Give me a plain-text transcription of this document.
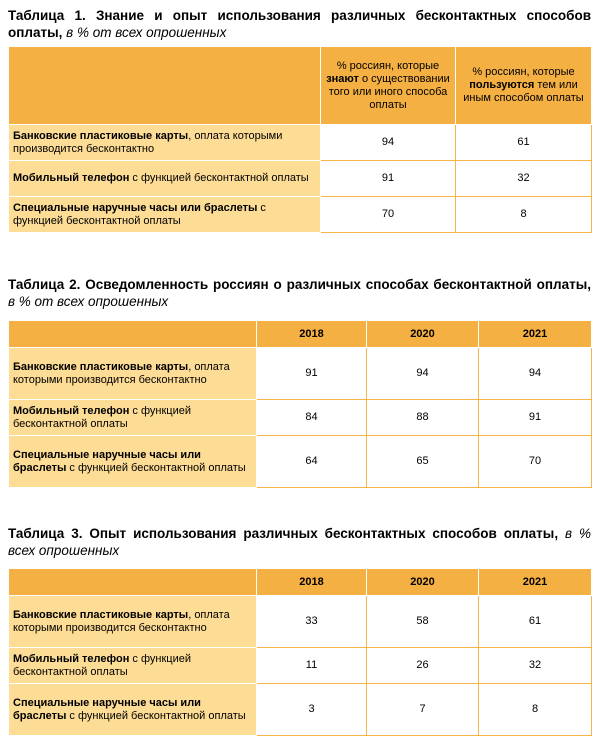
Таблица 1. Знание и опыт использования различных бесконтактных способов оплаты, в % от всех опрошенных
	% россиян, которые знают о существовании того или иного способа оплаты	% россиян, которые пользуются тем или иным способом оплаты
Банковские пластиковые карты, оплата которыми производится бесконтактно	94	61
Мобильный телефон с функцией бесконтактной оплаты	91	32
Специальные наручные часы или браслеты с функцией бесконтактной оплаты	70	8
Таблица 2. Осведомленность россиян о различных способах бесконтактной оплаты, в % от всех опрошенных
	2018	2020	2021
Банковские пластиковые карты, оплата которыми производится бесконтактно	91	94	94
Мобильный телефон с функцией бесконтактной оплаты	84	88	91
Специальные наручные часы или браслеты с функцией бесконтактной оплаты	64	65	70
Таблица 3. Опыт использования различных бесконтактных способов оплаты, в % всех опрошенных
	2018	2020	2021
Банковские пластиковые карты, оплата которыми производится бесконтактно	33	58	61
Мобильный телефон с функцией бесконтактной оплаты	11	26	32
Специальные наручные часы или браслеты с функцией бесконтактной оплаты	3	7	8
